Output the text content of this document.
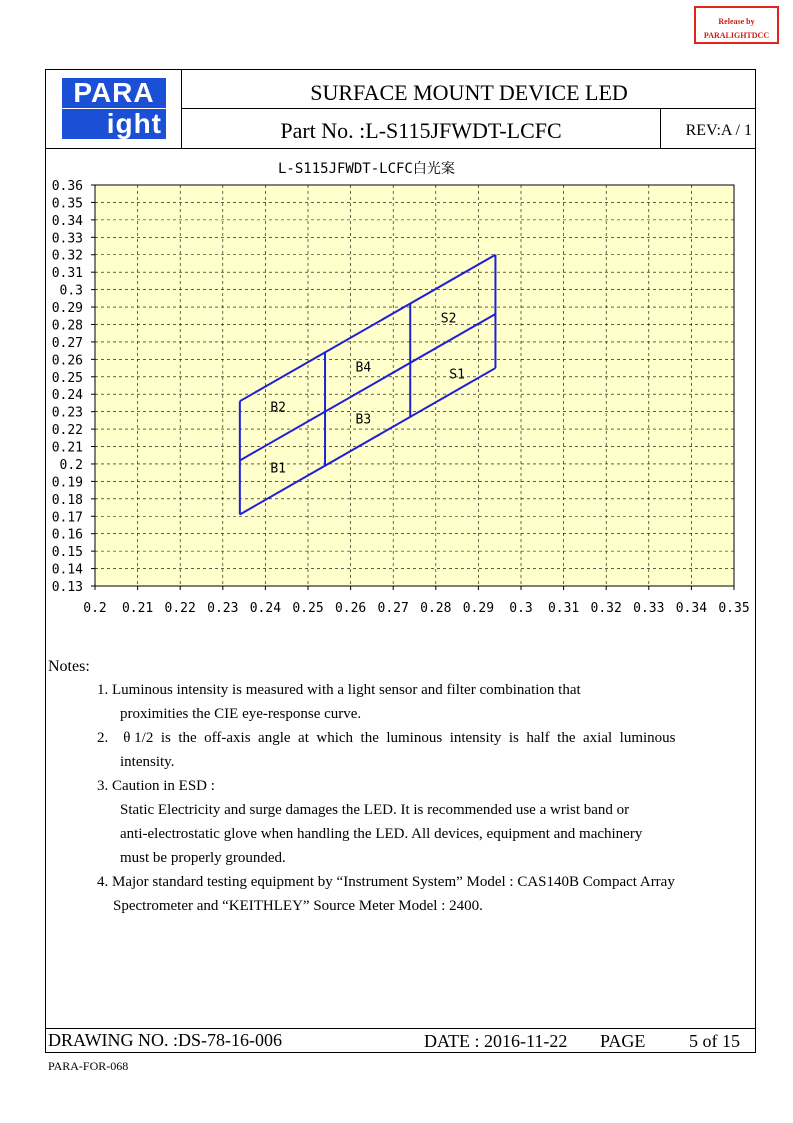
Release by
PARALIGHTDCC
PARA
ight
SURFACE MOUNT DEVICE LED
Part No. :L-S115JFWDT-LCFC	REV:A / 1
L-S115JFWDT-LCFC白光案
B1
B2
B3
B4	S1
S2
0.2 0.21 0.22 0.23 0.24 0.25 0.26 0.27 0.28 0.29 0.3 0.31 0.32 0.33 0.34 0.35
0.36
0.35
0.34
0.33
0.32
0.31
0.3
0.29
0.28
0.27
0.26
0.25
0.24
0.23
0.22
0.21
0.2
0.19
0.18
0.17
0.16
0.15
0.14
0.13
Notes:
1. Luminous intensity is measured with a light sensor and filter combination that
proximities the CIE eye-response curve.
2.    θ 1/2  is  the  off-axis  angle  at  which  the  luminous  intensity  is  half  the  axial  luminous
intensity.
3. Caution in ESD :
Static Electricity and surge damages the LED. It is recommended use a wrist band or
anti-electrostatic glove when handling the LED. All devices, equipment and machinery
must be properly grounded.
4. Major standard testing equipment by “Instrument System” Model : CAS140B Compact Array
Spectrometer and “KEITHLEY” Source Meter Model : 2400.
DRAWING NO. :DS-78-16-006	DATE : 2016-11-22 PAGE 5 of 15
PARA-FOR-068
